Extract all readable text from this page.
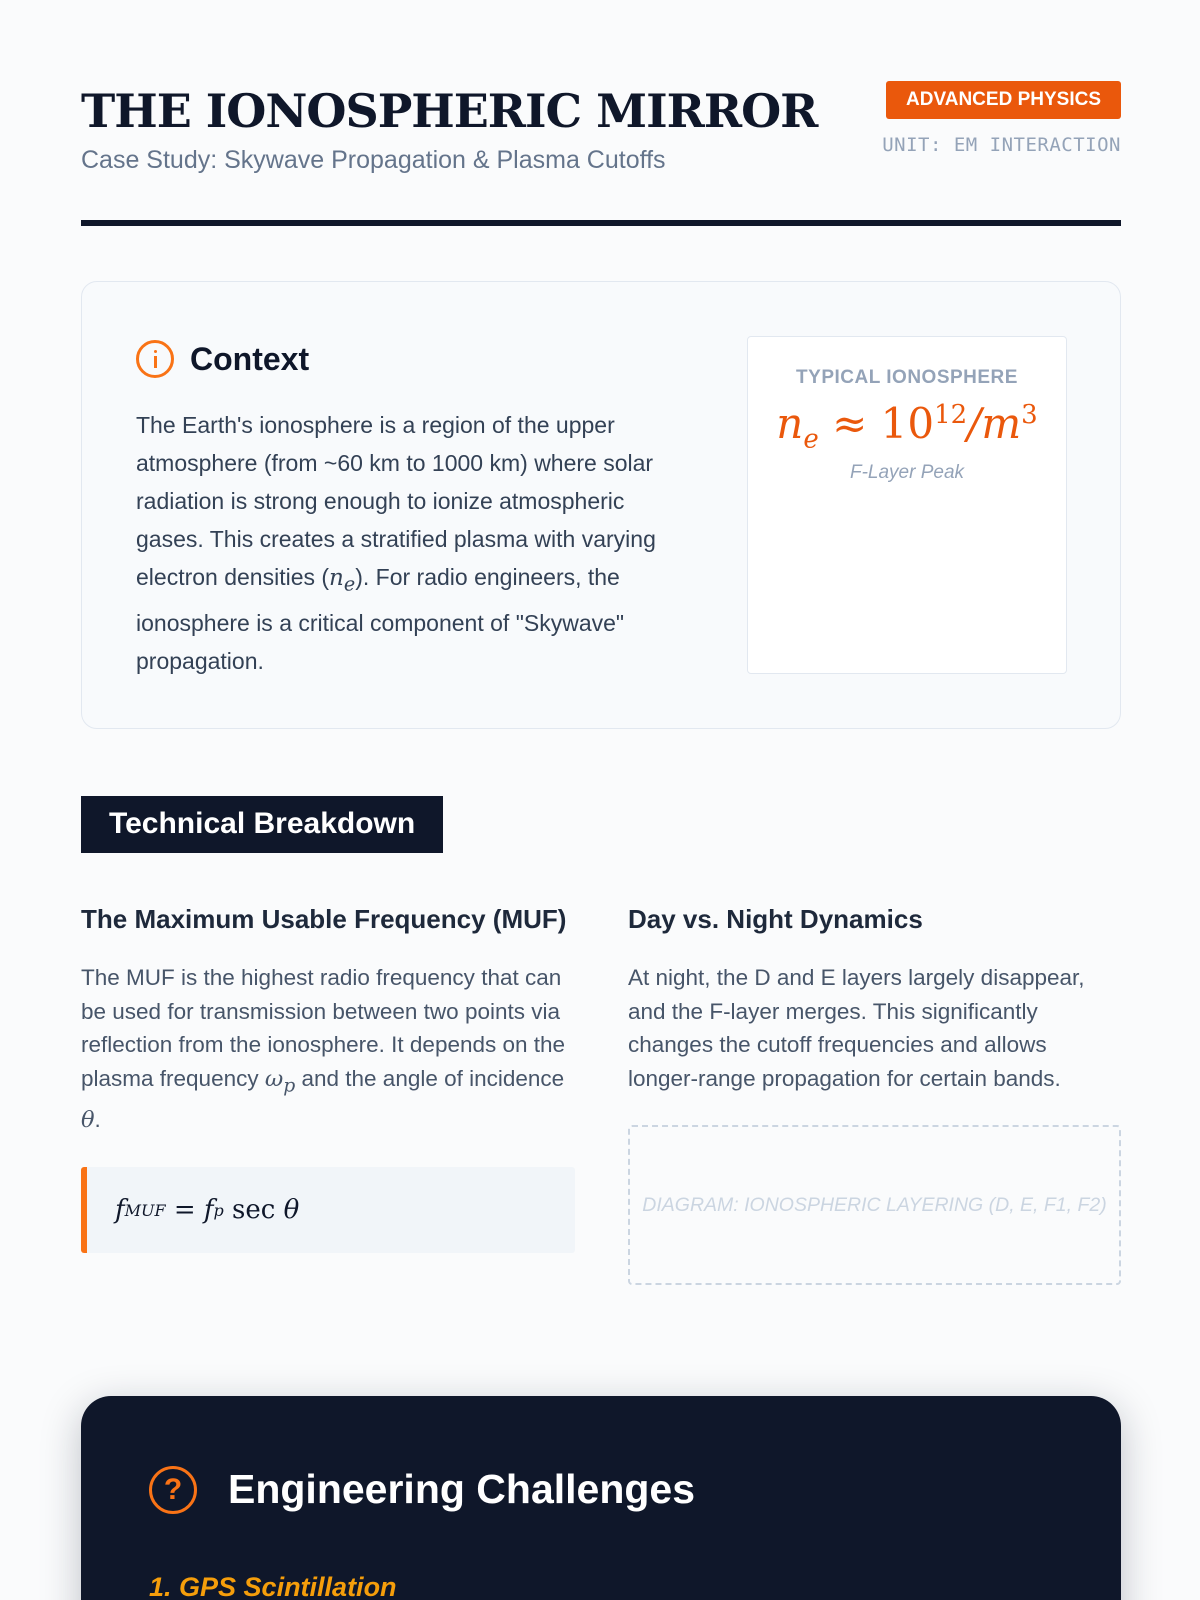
THE IONOSPHERIC MIRROR
Case Study: Skywave Propagation & Plasma Cutoffs
ADVANCED PHYSICS
UNIT: EM INTERACTION
Context

The Earth's ionosphere is a region of the upper atmosphere (from ~60 km to 1000 km) where solar radiation is strong enough to ionize atmospheric gases. This creates a stratified plasma with varying electron densities $(n_e)$. For radio engineers, the ionosphere is a critical component of "Skywave" propagation.

TYPICAL IONOSPHERE
$n_e \approx 10^{12}/m^3$
F-Layer Peak
Technical Breakdown
The Maximum Usable Frequency (MUF)

The MUF is the highest radio frequency that can be used for transmission between two points via reflection from the ionosphere. It depends on the plasma frequency $\omega_p$ and the angle of incidence θ.

f MUF = f p sec θ
Day vs. Night Dynamics

At night, the D and E layers largely disappear, and the F-layer merges. This significantly changes the cutoff frequencies and allows longer-range propagation for certain bands.

DIAGRAM: IONOSPHERIC LAYERING (D, E, F1, F2)
?	Engineering Challenges
1. GPS Scintillation
